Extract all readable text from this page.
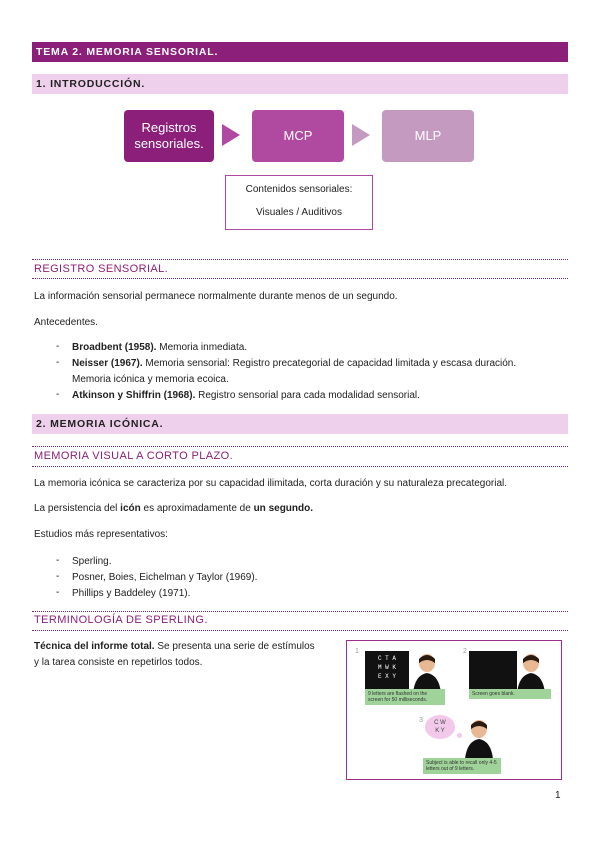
TEMA 2. MEMORIA SENSORIAL.
1. INTRODUCCIÓN.
Registros sensoriales.
MCP	MLP
Contenidos sensoriales:
Visuales / Auditivos
REGISTRO SENSORIAL.
La información sensorial permanece normalmente durante menos de un segundo.
Antecedentes.
- Broadbent (1958). Memoria inmediata.
- Neisser (1967). Memoria sensorial: Registro precategorial de capacidad limitada y escasa duración.
Memoria icónica y memoria ecoica.
- Atkinson y Shiffrin (1968). Registro sensorial para cada modalidad sensorial.
2. MEMORIA ICÓNICA.
MEMORIA VISUAL A CORTO PLAZO.
La memoria icónica se caracteriza por su capacidad ilimitada, corta duración y su naturaleza precategorial.
La persistencia del icón es aproximadamente de un segundo.
Estudios más representativos:
- Sperling.
- Posner, Boies, Eichelman y Taylor (1969).
- Phillips y Baddeley (1971).
TERMINOLOGÍA DE SPERLING.
Técnica del informe total. Se presenta una serie de estímulos
y la tarea consiste en repetirlos todos.
1
C T A
M W K
E X Y
9 letters are flashed on the screen for 50 milliseconds.
2
Screen goes blank.
3	C W
K Y
Subject is able to recall only 4-5 letters out of 9 letters.
1
